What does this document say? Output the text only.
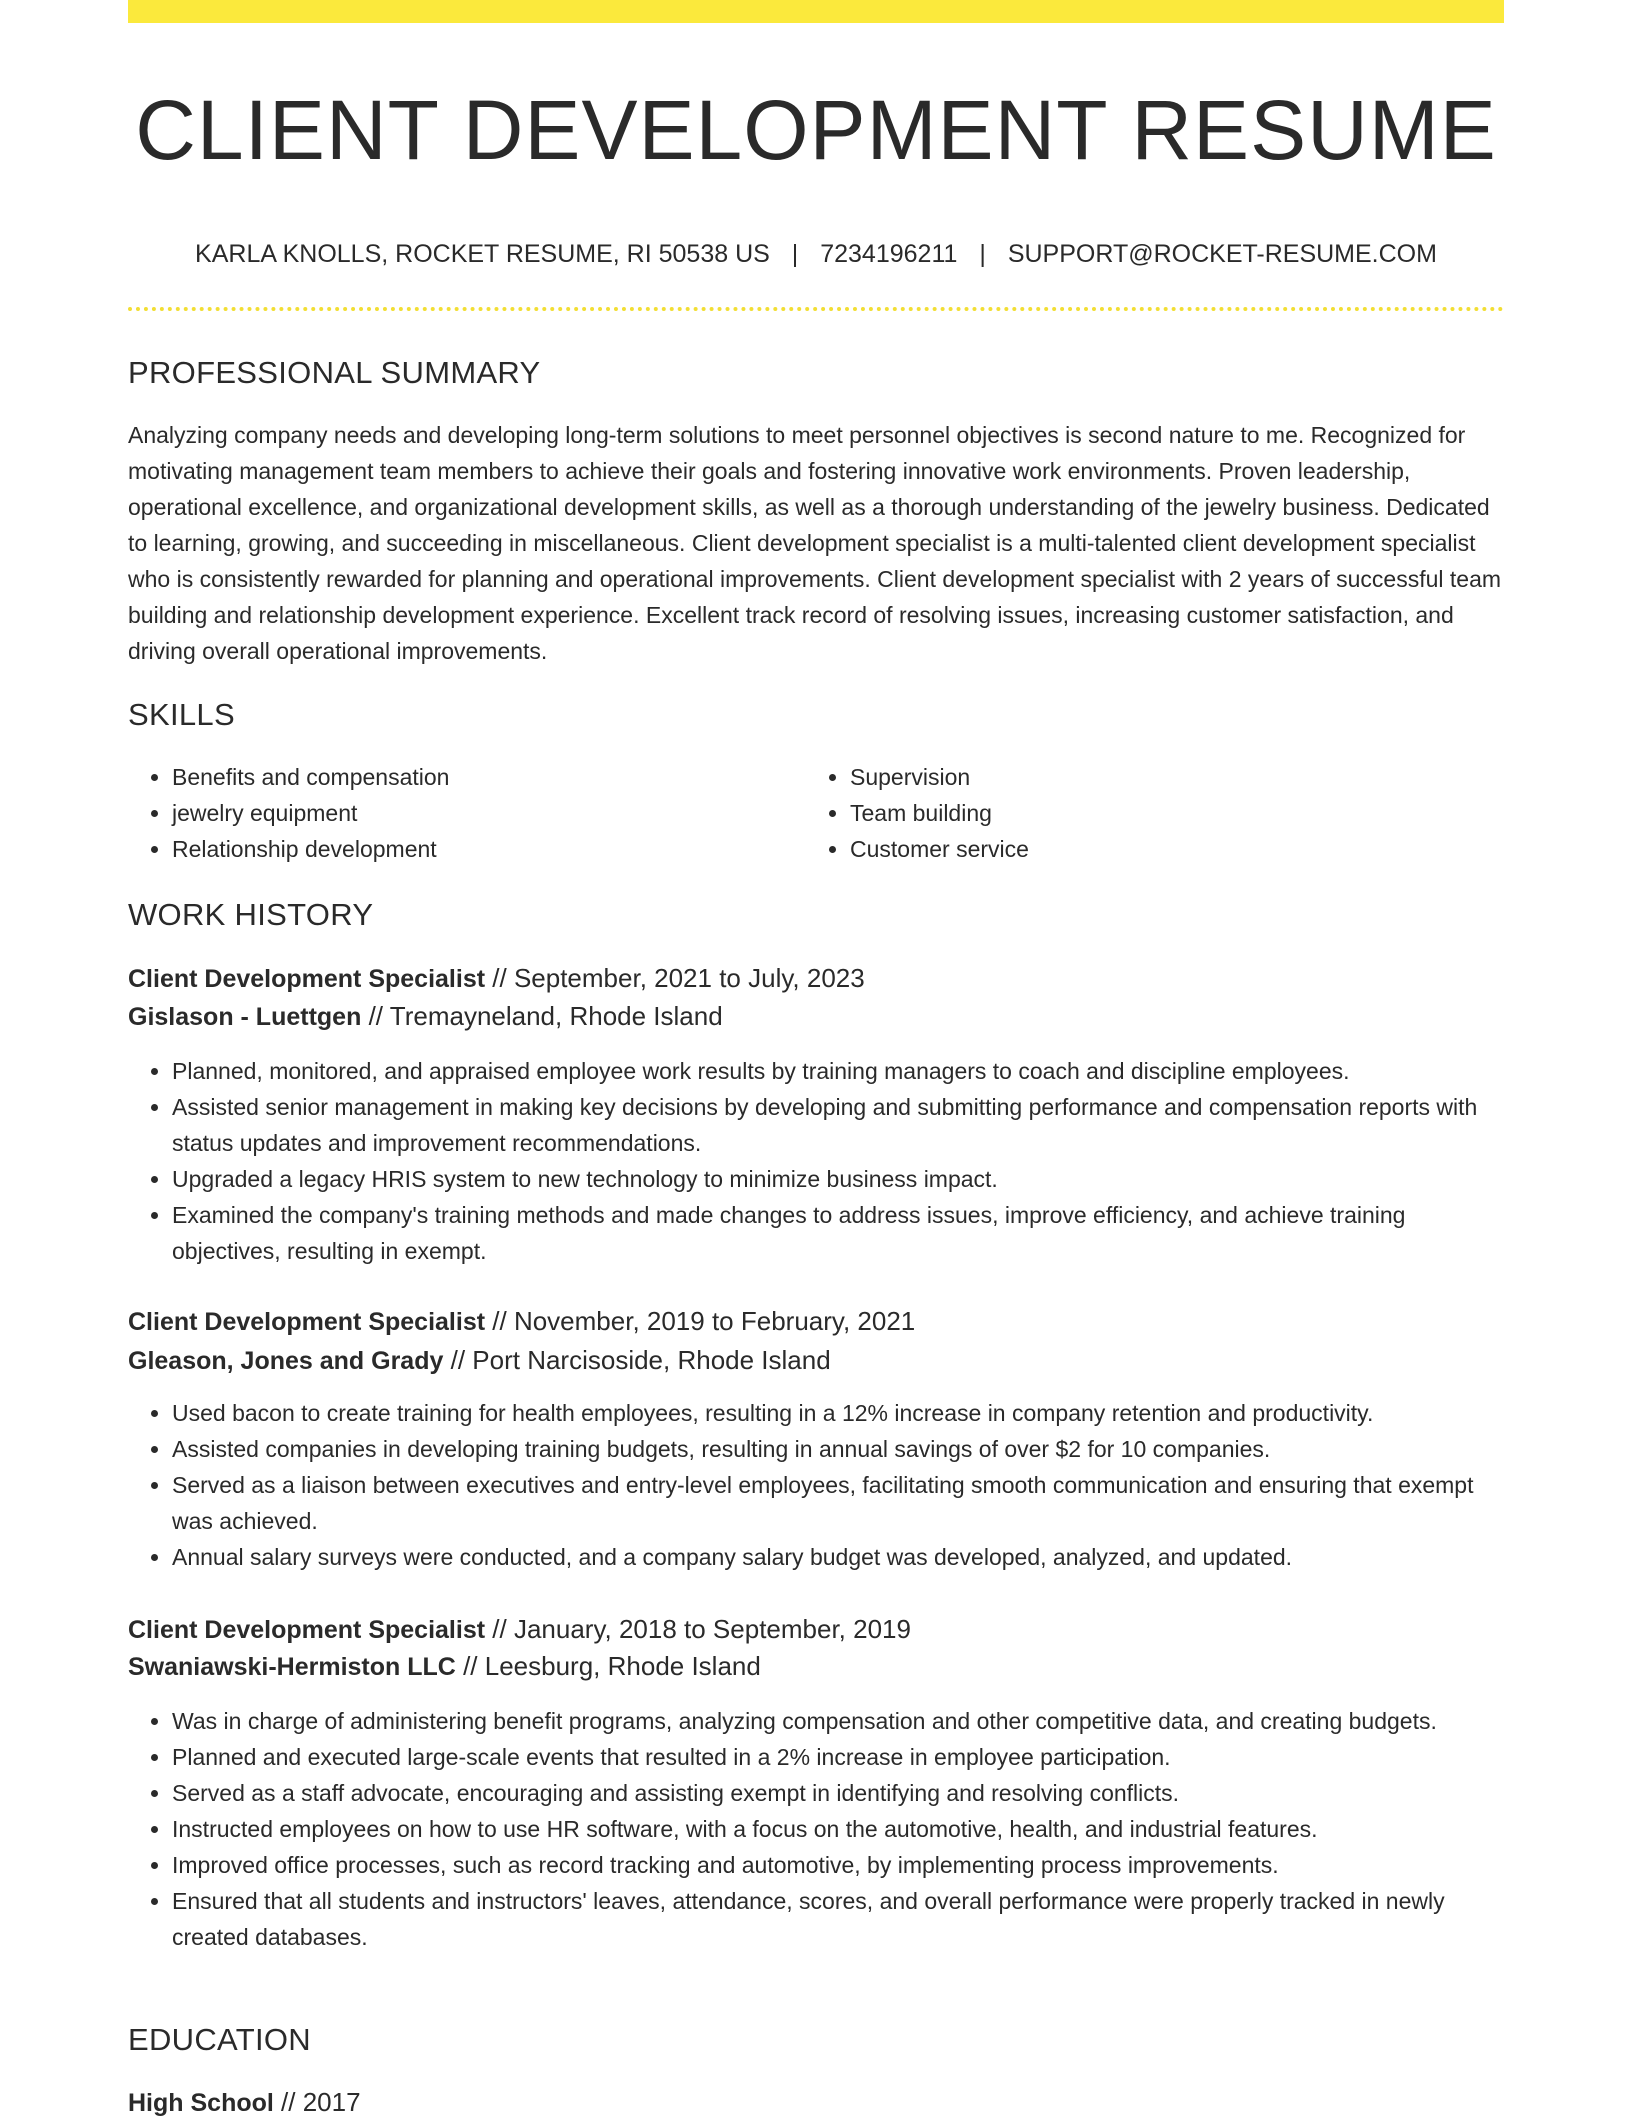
CLIENT DEVELOPMENT RESUME
KARLA KNOLLS, ROCKET RESUME, RI 50538 US | 7234196211 | SUPPORT@ROCKET-RESUME.COM
PROFESSIONAL SUMMARY
Analyzing company needs and developing long-term solutions to meet personnel objectives is second nature to me. Recognized for motivating management team members to achieve their goals and fostering innovative work environments. Proven leadership, operational excellence, and organizational development skills, as well as a thorough understanding of the jewelry business. Dedicated to learning, growing, and succeeding in miscellaneous. Client development specialist is a multi-talented client development specialist who is consistently rewarded for planning and operational improvements. Client development specialist with 2 years of successful team building and relationship development experience. Excellent track record of resolving issues, increasing customer satisfaction, and driving overall operational improvements.
SKILLS
• Benefits and compensation
• jewelry equipment
• Relationship development
• Supervision
• Team building
• Customer service
WORK HISTORY
Client Development Specialist // September, 2021 to July, 2023
Gislason - Luettgen // Tremayneland, Rhode Island
• Planned, monitored, and appraised employee work results by training managers to coach and discipline employees.
• Assisted senior management in making key decisions by developing and submitting performance and compensation reports with status updates and improvement recommendations.
• Upgraded a legacy HRIS system to new technology to minimize business impact.
• Examined the company's training methods and made changes to address issues, improve efficiency, and achieve training objectives, resulting in exempt.
Client Development Specialist // November, 2019 to February, 2021
Gleason, Jones and Grady // Port Narcisoside, Rhode Island
• Used bacon to create training for health employees, resulting in a 12% increase in company retention and productivity.
• Assisted companies in developing training budgets, resulting in annual savings of over $2 for 10 companies.
• Served as a liaison between executives and entry-level employees, facilitating smooth communication and ensuring that exempt was achieved.
• Annual salary surveys were conducted, and a company salary budget was developed, analyzed, and updated.
Client Development Specialist // January, 2018 to September, 2019
Swaniawski-Hermiston LLC // Leesburg, Rhode Island
• Was in charge of administering benefit programs, analyzing compensation and other competitive data, and creating budgets.
• Planned and executed large-scale events that resulted in a 2% increase in employee participation.
• Served as a staff advocate, encouraging and assisting exempt in identifying and resolving conflicts.
• Instructed employees on how to use HR software, with a focus on the automotive, health, and industrial features.
• Improved office processes, such as record tracking and automotive, by implementing process improvements.
• Ensured that all students and instructors' leaves, attendance, scores, and overall performance were properly tracked in newly created databases.
EDUCATION
High School // 2017
